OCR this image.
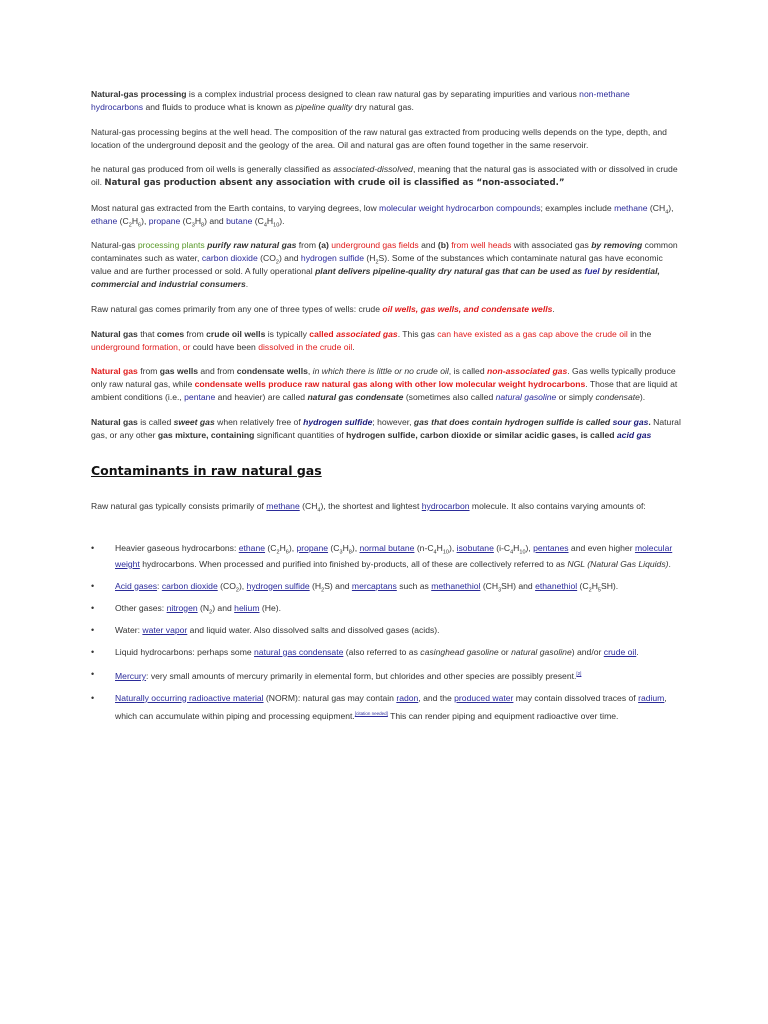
Natural-gas processing is a complex industrial process designed to clean raw natural gas by separating impurities and various non-methane hydrocarbons and fluids to produce what is known as pipeline quality dry natural gas.

Natural-gas processing begins at the well head. The composition of the raw natural gas extracted from producing wells depends on the type, depth, and location of the underground deposit and the geology of the area. Oil and natural gas are often found together in the same reservoir.

he natural gas produced from oil wells is generally classified as associated-dissolved, meaning that the natural gas is associated with or dissolved in crude oil. Natural gas production absent any association with crude oil is classified as “non-associated.”

Most natural gas extracted from the Earth contains, to varying degrees, low molecular weight hydrocarbon compounds; examples include methane $(CH_4)$, ethane $(C_2H_6)$, propane $(C_3H_8)$ and butane $(C_4H_{10})$.

Natural-gas processing plants purify raw natural gas from (a) underground gas fields and (b) from well heads with associated gas by removing common contaminates such as water, carbon dioxide $(CO_2)$ and hydrogen sulfide $(H_2S)$. Some of the substances which contaminate natural gas have economic value and are further processed or sold. A fully operational plant delivers pipeline-quality dry natural gas that can be used as fuel by residential, commercial and industrial consumers.

Raw natural gas comes primarily from any one of three types of wells: crude oil wells, gas wells, and condensate wells.

Natural gas that comes from crude oil wells is typically called associated gas. This gas can have existed as a gas cap above the crude oil in the underground formation, or could have been dissolved in the crude oil.

Natural gas from gas wells and from condensate wells, in which there is little or no crude oil, is called non-associated gas. Gas wells typically produce only raw natural gas, while condensate wells produce raw natural gas along with other low molecular weight hydrocarbons. Those that are liquid at ambient conditions (i.e., pentane and heavier) are called natural gas condensate (sometimes also called natural gasoline or simply condensate).

Natural gas is called sweet gas when relatively free of hydrogen sulfide; however, gas that does contain hydrogen sulfide is called sour gas. Natural gas, or any other gas mixture, containing significant quantities of hydrogen sulfide, carbon dioxide or similar acidic gases, is called acid gas

Contaminants in raw natural gas

Raw natural gas typically consists primarily of methane $(CH_4)$, the shortest and lightest hydrocarbon molecule. It also contains varying amounts of:

• Heavier gaseous hydrocarbons: ethane $(C_2H_6)$, propane $(C_3H_8)$, normal butane $(n-C_4H_{10})$, isobutane $(i-C_4H_{10})$, pentanes and even higher molecular weight hydrocarbons. When processed and purified into finished by-products, all of these are collectively referred to as NGL (Natural Gas Liquids).
• Acid gases: carbon dioxide $(CO_2)$, hydrogen sulfide $(H_2S)$ and mercaptans such as methanethiol $(CH_3SH)$ and ethanethiol $(C_2H_5SH)$.
• Other gases: nitrogen $(N_2)$ and helium (He).
• Water: water vapor and liquid water. Also dissolved salts and dissolved gases (acids).
• Liquid hydrocarbons: perhaps some natural gas condensate (also referred to as casinghead gasoline or natural gasoline) and/or crude oil.
• Mercury: very small amounts of mercury primarily in elemental form, but chlorides and other species are possibly present.[2]
• Naturally occurring radioactive material (NORM): natural gas may contain radon, and the produced water may contain dissolved traces of radium, which can accumulate within piping and processing equipment.[citation needed] This can render piping and equipment radioactive over time.
